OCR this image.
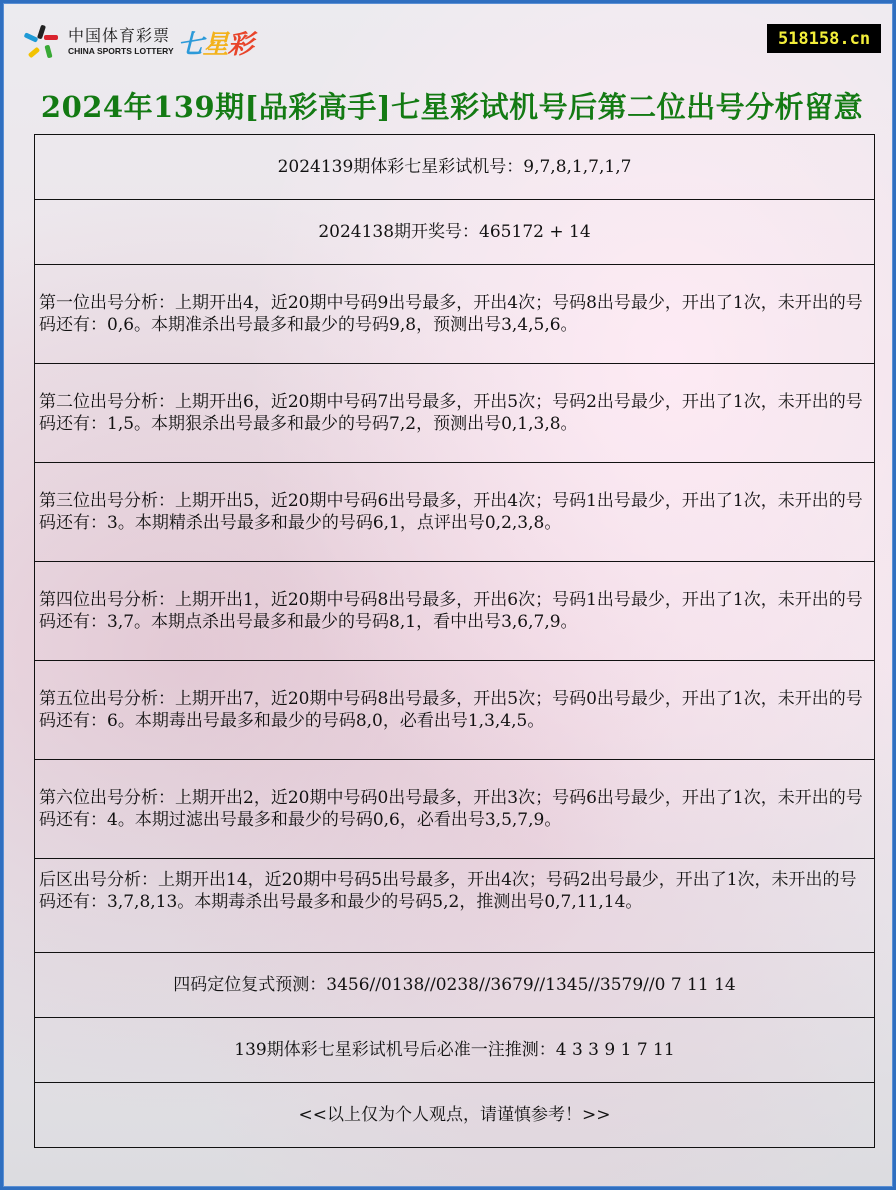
中国体育彩票
CHINA SPORTS LOTTERY 七星彩	518158.cn
2024年139期[品彩高手]七星彩试机号后第二位出号分析留意
2024139期体彩七星彩试机号：9,7,8,1,7,1,7
2024138期开奖号：465172 + 14
第一位出号分析：上期开出4，近20期中号码9出号最多，开出4次；号码8出号最少，开出了1次，未开出的号码还有：0,6。本期准杀出号最多和最少的号码9,8，预测出号3,4,5,6。
第二位出号分析：上期开出6，近20期中号码7出号最多，开出5次；号码2出号最少，开出了1次，未开出的号码还有：1,5。本期狠杀出号最多和最少的号码7,2，预测出号0,1,3,8。
第三位出号分析：上期开出5，近20期中号码6出号最多，开出4次；号码1出号最少，开出了1次，未开出的号码还有：3。本期精杀出号最多和最少的号码6,1，点评出号0,2,3,8。
第四位出号分析：上期开出1，近20期中号码8出号最多，开出6次；号码1出号最少，开出了1次，未开出的号码还有：3,7。本期点杀出号最多和最少的号码8,1，看中出号3,6,7,9。
第五位出号分析：上期开出7，近20期中号码8出号最多，开出5次；号码0出号最少，开出了1次，未开出的号码还有：6。本期毒出号最多和最少的号码8,0，必看出号1,3,4,5。
第六位出号分析：上期开出2，近20期中号码0出号最多，开出3次；号码6出号最少，开出了1次，未开出的号码还有：4。本期过滤出号最多和最少的号码0,6，必看出号3,5,7,9。
后区出号分析：上期开出14，近20期中号码5出号最多，开出4次；号码2出号最少，开出了1次，未开出的号码还有：3,7,8,13。本期毒杀出号最多和最少的号码5,2，推测出号0,7,11,14。
四码定位复式预测：3456//0138//0238//3679//1345//3579//0 7 11 14
139期体彩七星彩试机号后必准一注推测：4 3 3 9 1 7 11
<<以上仅为个人观点，请谨慎参考！>>
